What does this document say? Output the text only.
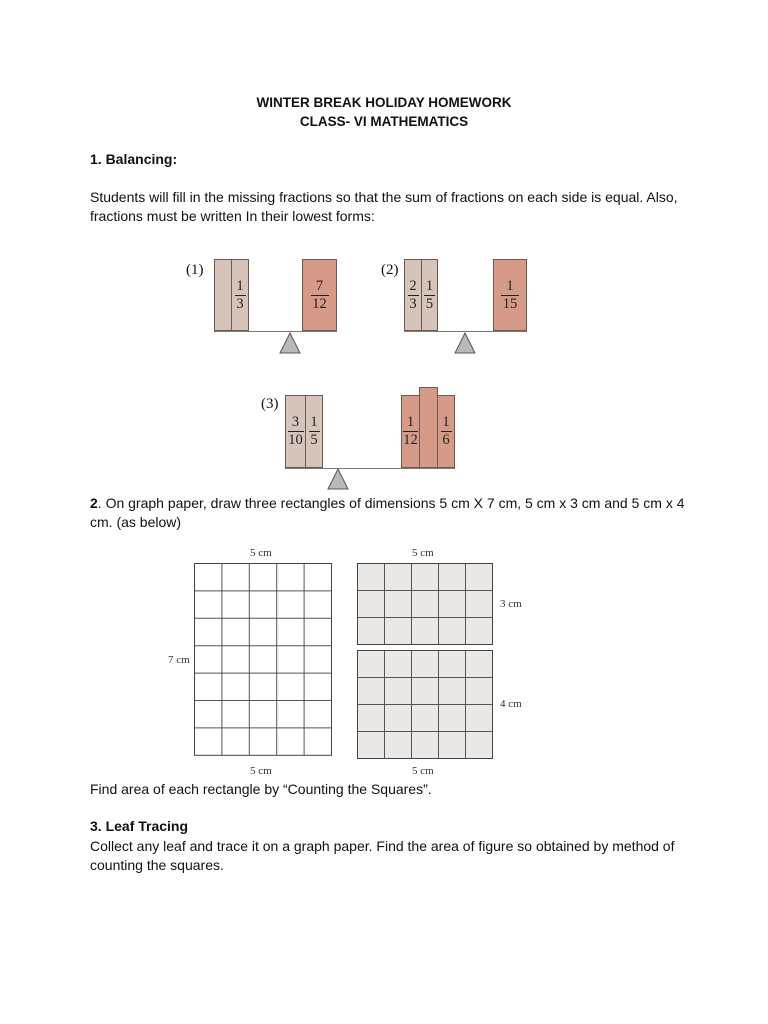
WINTER BREAK HOLIDAY HOMEWORK
CLASS- VI MATHEMATICS
1. Balancing:
Students will fill in the missing fractions so that the sum of fractions on each side is equal. Also, fractions must be written In their lowest forms:
(1)
1
3
7
12
(2)
2
3
1
5
1
15
(3)
3
10
1
5
1
12
1
6
2. On graph paper, draw three rectangles of dimensions 5 cm X 7 cm, 5 cm x 3 cm and 5 cm x 4 cm. (as below)
5 cm
7 cm
5 cm
5 cm
3 cm
4 cm
5 cm
Find area of each rectangle by “Counting the Squares”.
3. Leaf Tracing
Collect any leaf and trace it on a graph paper. Find the area of figure so obtained by method of counting the squares.
